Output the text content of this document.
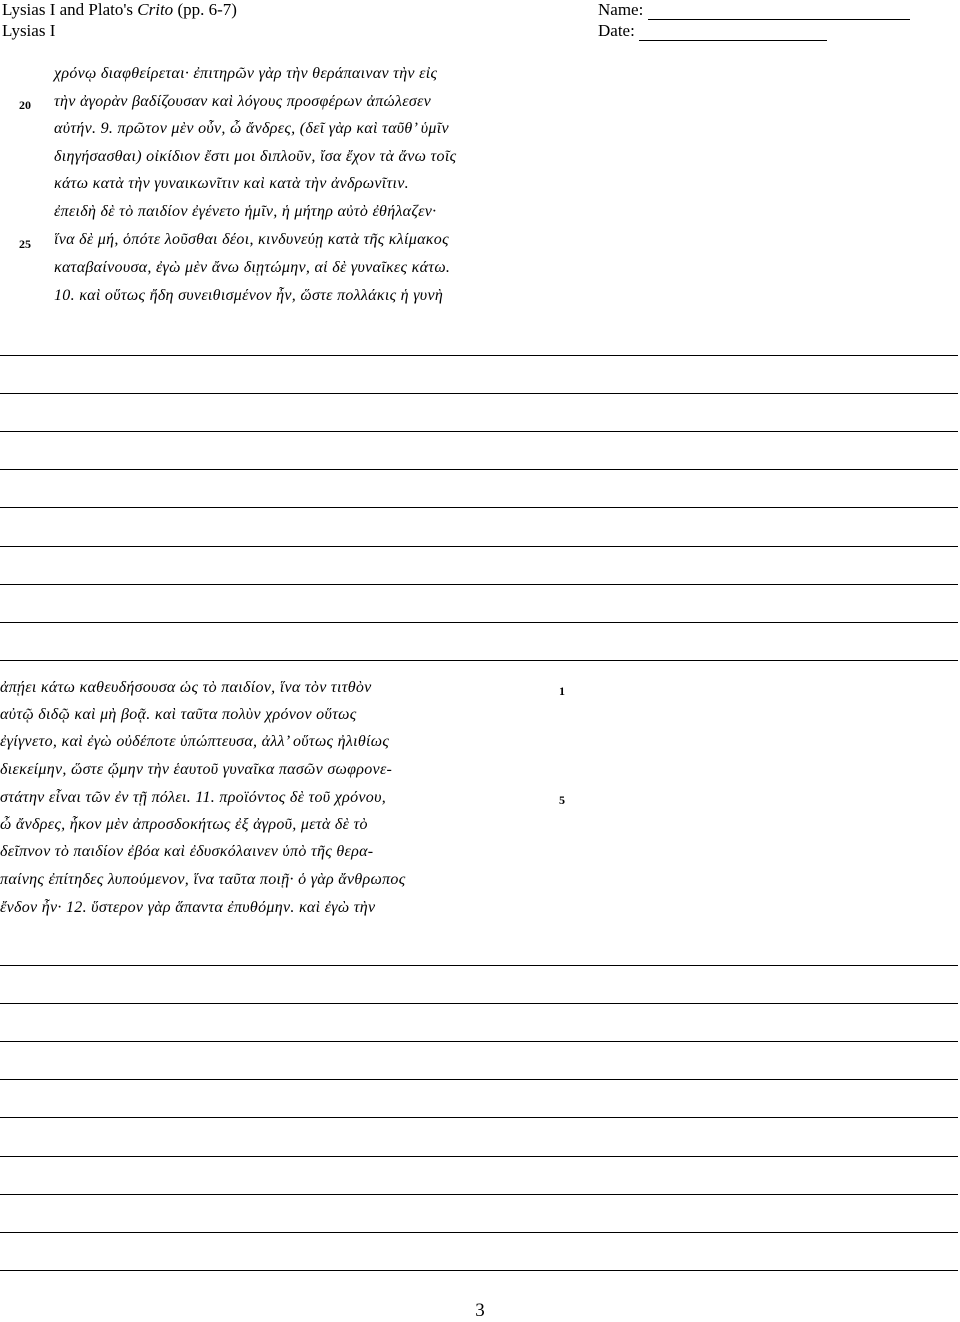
Lysias I and Plato's Crito (pp. 6-7)
Lysias I
Name:
Date:
20
25
χρόνῳ διαφθείρεται· ἐπιτηρῶν γὰρ τὴν θεράπαιναν τὴν εἰς
τὴν ἀγορὰν βαδίζουσαν καὶ λόγους προσφέρων ἀπώλεσεν
αὐτήν. 9. πρῶτον μὲν οὖν, ὦ ἄνδρες, (δεῖ γὰρ καὶ ταῦθ’ ὑμῖν
διηγήσασθαι) οἰκίδιον ἔστι μοι διπλοῦν, ἴσα ἔχον τὰ ἄνω τοῖς
κάτω κατὰ τὴν γυναικωνῖτιν καὶ κατὰ τὴν ἀνδρωνῖτιν.
ἐπειδὴ δὲ τὸ παιδίον ἐγένετο ἡμῖν, ἡ μήτηρ αὐτὸ ἐθήλαζεν·
ἵνα δὲ μή, ὁπότε λοῦσθαι δέοι, κινδυνεύῃ κατὰ τῆς κλίμακος
καταβαίνουσα, ἐγὼ μὲν ἄνω διῃτώμην, αἱ δὲ γυναῖκες κάτω.
10. καὶ οὕτως ἤδη συνειθισμένον ἦν, ὥστε πολλάκις ἡ γυνὴ
ἀπῄει κάτω καθευδήσουσα ὡς τὸ παιδίον, ἵνα τὸν τιτθὸν
αὐτῷ διδῷ καὶ μὴ βοᾷ. καὶ ταῦτα πολὺν χρόνον οὕτως
ἐγίγνετο, καὶ ἐγὼ οὐδέποτε ὑπώπτευσα, ἀλλ’ οὕτως ἠλιθίως
διεκείμην, ὥστε ᾤμην τὴν ἑαυτοῦ γυναῖκα πασῶν σωφρονε-
στάτην εἶναι τῶν ἐν τῇ πόλει. 11. προϊόντος δὲ τοῦ χρόνου,
ὦ ἄνδρες, ἧκον μὲν ἀπροσδοκήτως ἐξ ἀγροῦ, μετὰ δὲ τὸ
δεῖπνον τὸ παιδίον ἐβόα καὶ ἐδυσκόλαινεν ὑπὸ τῆς θερα-
παίνης ἐπίτηδες λυπούμενον, ἵνα ταῦτα ποιῇ· ὁ γὰρ ἄνθρωπος
ἔνδον ἦν· 12. ὕστερον γὰρ ἅπαντα ἐπυθόμην. καὶ ἐγὼ τὴν
1
5
3
